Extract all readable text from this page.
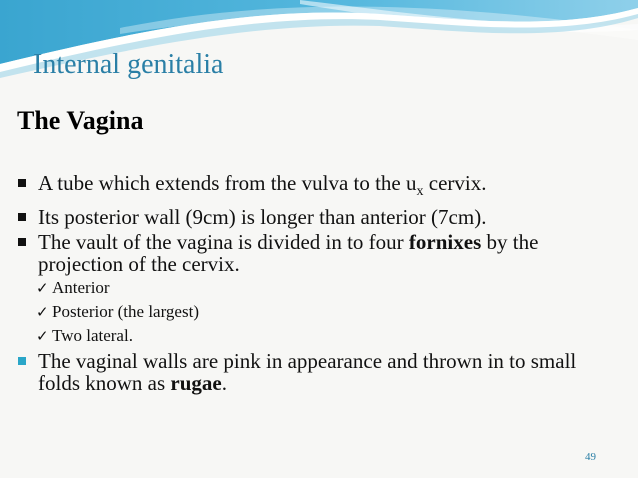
Internal genitalia
The Vagina
A tube which extends from the vulva to the $u_x$ cervix.
Its posterior wall (9cm) is longer than anterior (7cm).
The vault of the vagina is divided in to four fornixes by the projection of the cervix.
✓ Anterior
✓ Posterior (the largest)
✓ Two lateral.
The vaginal walls are pink in appearance and thrown in to small folds known as rugae.
49
